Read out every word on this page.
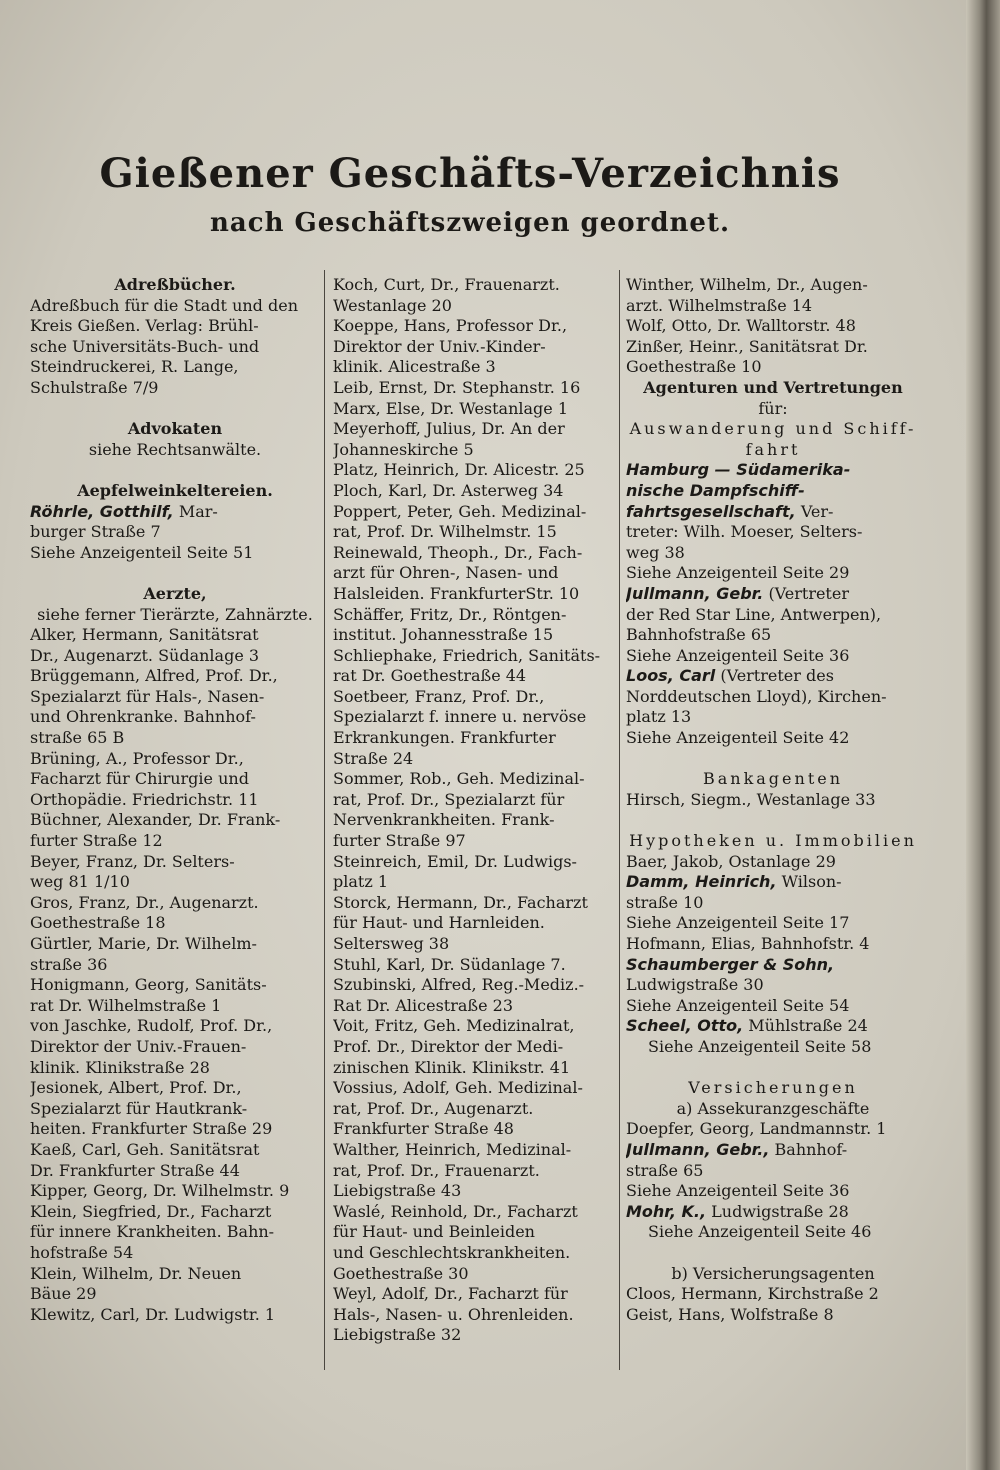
Gießener Geschäfts-Verzeichnis
nach Geschäftszweigen geordnet.
Adreßbücher.
Adreßbuch für die Stadt und den
Kreis Gießen. Verlag: Brühl-
sche Universitäts-Buch- und
Steindruckerei, R. Lange,
Schulstraße 7/9
Advokaten
siehe Rechtsanwälte.
Aepfelweinkeltereien.
Röhrle, Gotthilf, Mar-
burger Straße 7
Siehe Anzeigenteil Seite 51
Aerzte,
siehe ferner Tierärzte, Zahnärzte.
Alker, Hermann, Sanitätsrat
Dr., Augenarzt. Südanlage 3
Brüggemann, Alfred, Prof. Dr.,
Spezialarzt für Hals-, Nasen-
und Ohrenkranke. Bahnhof-
straße 65 B
Brüning, A., Professor Dr.,
Facharzt für Chirurgie und
Orthopädie. Friedrichstr. 11
Büchner, Alexander, Dr. Frank-
furter Straße 12
Beyer, Franz, Dr. Selters-
weg 81 1/10
Gros, Franz, Dr., Augenarzt.
Goethestraße 18
Gürtler, Marie, Dr. Wilhelm-
straße 36
Honigmann, Georg, Sanitäts-
rat Dr. Wilhelmstraße 1
von Jaschke, Rudolf, Prof. Dr.,
Direktor der Univ.-Frauen-
klinik. Klinikstraße 28
Jesionek, Albert, Prof. Dr.,
Spezialarzt für Hautkrank-
heiten. Frankfurter Straße 29
Kaeß, Carl, Geh. Sanitätsrat
Dr. Frankfurter Straße 44
Kipper, Georg, Dr. Wilhelmstr. 9
Klein, Siegfried, Dr., Facharzt
für innere Krankheiten. Bahn-
hofstraße 54
Klein, Wilhelm, Dr. Neuen
Bäue 29
Klewitz, Carl, Dr. Ludwigstr. 1
Koch, Curt, Dr., Frauenarzt.
Westanlage 20
Koeppe, Hans, Professor Dr.,
Direktor der Univ.-Kinder-
klinik. Alicestraße 3
Leib, Ernst, Dr. Stephanstr. 16
Marx, Else, Dr. Westanlage 1
Meyerhoff, Julius, Dr. An der
Johanneskirche 5
Platz, Heinrich, Dr. Alicestr. 25
Ploch, Karl, Dr. Asterweg 34
Poppert, Peter, Geh. Medizinal-
rat, Prof. Dr. Wilhelmstr. 15
Reinewald, Theoph., Dr., Fach-
arzt für Ohren-, Nasen- und
Halsleiden. FrankfurterStr. 10
Schäffer, Fritz, Dr., Röntgen-
institut. Johannesstraße 15
Schliephake, Friedrich, Sanitäts-
rat Dr. Goethestraße 44
Soetbeer, Franz, Prof. Dr.,
Spezialarzt f. innere u. nervöse
Erkrankungen. Frankfurter
Straße 24
Sommer, Rob., Geh. Medizinal-
rat, Prof. Dr., Spezialarzt für
Nervenkrankheiten. Frank-
furter Straße 97
Steinreich, Emil, Dr. Ludwigs-
platz 1
Storck, Hermann, Dr., Facharzt
für Haut- und Harnleiden.
Seltersweg 38
Stuhl, Karl, Dr. Südanlage 7.
Szubinski, Alfred, Reg.-Mediz.-
Rat Dr. Alicestraße 23
Voit, Fritz, Geh. Medizinalrat,
Prof. Dr., Direktor der Medi-
zinischen Klinik. Klinikstr. 41
Vossius, Adolf, Geh. Medizinal-
rat, Prof. Dr., Augenarzt.
Frankfurter Straße 48
Walther, Heinrich, Medizinal-
rat, Prof. Dr., Frauenarzt.
Liebigstraße 43
Waslé, Reinhold, Dr., Facharzt
für Haut- und Beinleiden
und Geschlechtskrankheiten.
Goethestraße 30
Weyl, Adolf, Dr., Facharzt für
Hals-, Nasen- u. Ohrenleiden.
Liebigstraße 32
Winther, Wilhelm, Dr., Augen-
arzt. Wilhelmstraße 14
Wolf, Otto, Dr. Walltorstr. 48
Zinßer, Heinr., Sanitätsrat Dr.
Goethestraße 10
Agenturen und Vertretungen
für:
Auswanderung und Schiff-
fahrt
Hamburg — Südamerika-
nische Dampfschiff-
fahrtsgesellschaft, Ver-
treter: Wilh. Moeser, Selters-
weg 38
Siehe Anzeigenteil Seite 29
Jullmann, Gebr. (Vertreter
der Red Star Line, Antwerpen),
Bahnhofstraße 65
Siehe Anzeigenteil Seite 36
Loos, Carl (Vertreter des
Norddeutschen Lloyd), Kirchen-
platz 13
Siehe Anzeigenteil Seite 42
Bankagenten
Hirsch, Siegm., Westanlage 33
Hypotheken u. Immobilien
Baer, Jakob, Ostanlage 29
Damm, Heinrich, Wilson-
straße 10
Siehe Anzeigenteil Seite 17
Hofmann, Elias, Bahnhofstr. 4
Schaumberger & Sohn,
Ludwigstraße 30
Siehe Anzeigenteil Seite 54
Scheel, Otto, Mühlstraße 24
Siehe Anzeigenteil Seite 58
Versicherungen
a) Assekuranzgeschäfte
Doepfer, Georg, Landmannstr. 1
Jullmann, Gebr., Bahnhof-
straße 65
Siehe Anzeigenteil Seite 36
Mohr, K., Ludwigstraße 28
Siehe Anzeigenteil Seite 46
b) Versicherungsagenten
Cloos, Hermann, Kirchstraße 2
Geist, Hans, Wolfstraße 8
